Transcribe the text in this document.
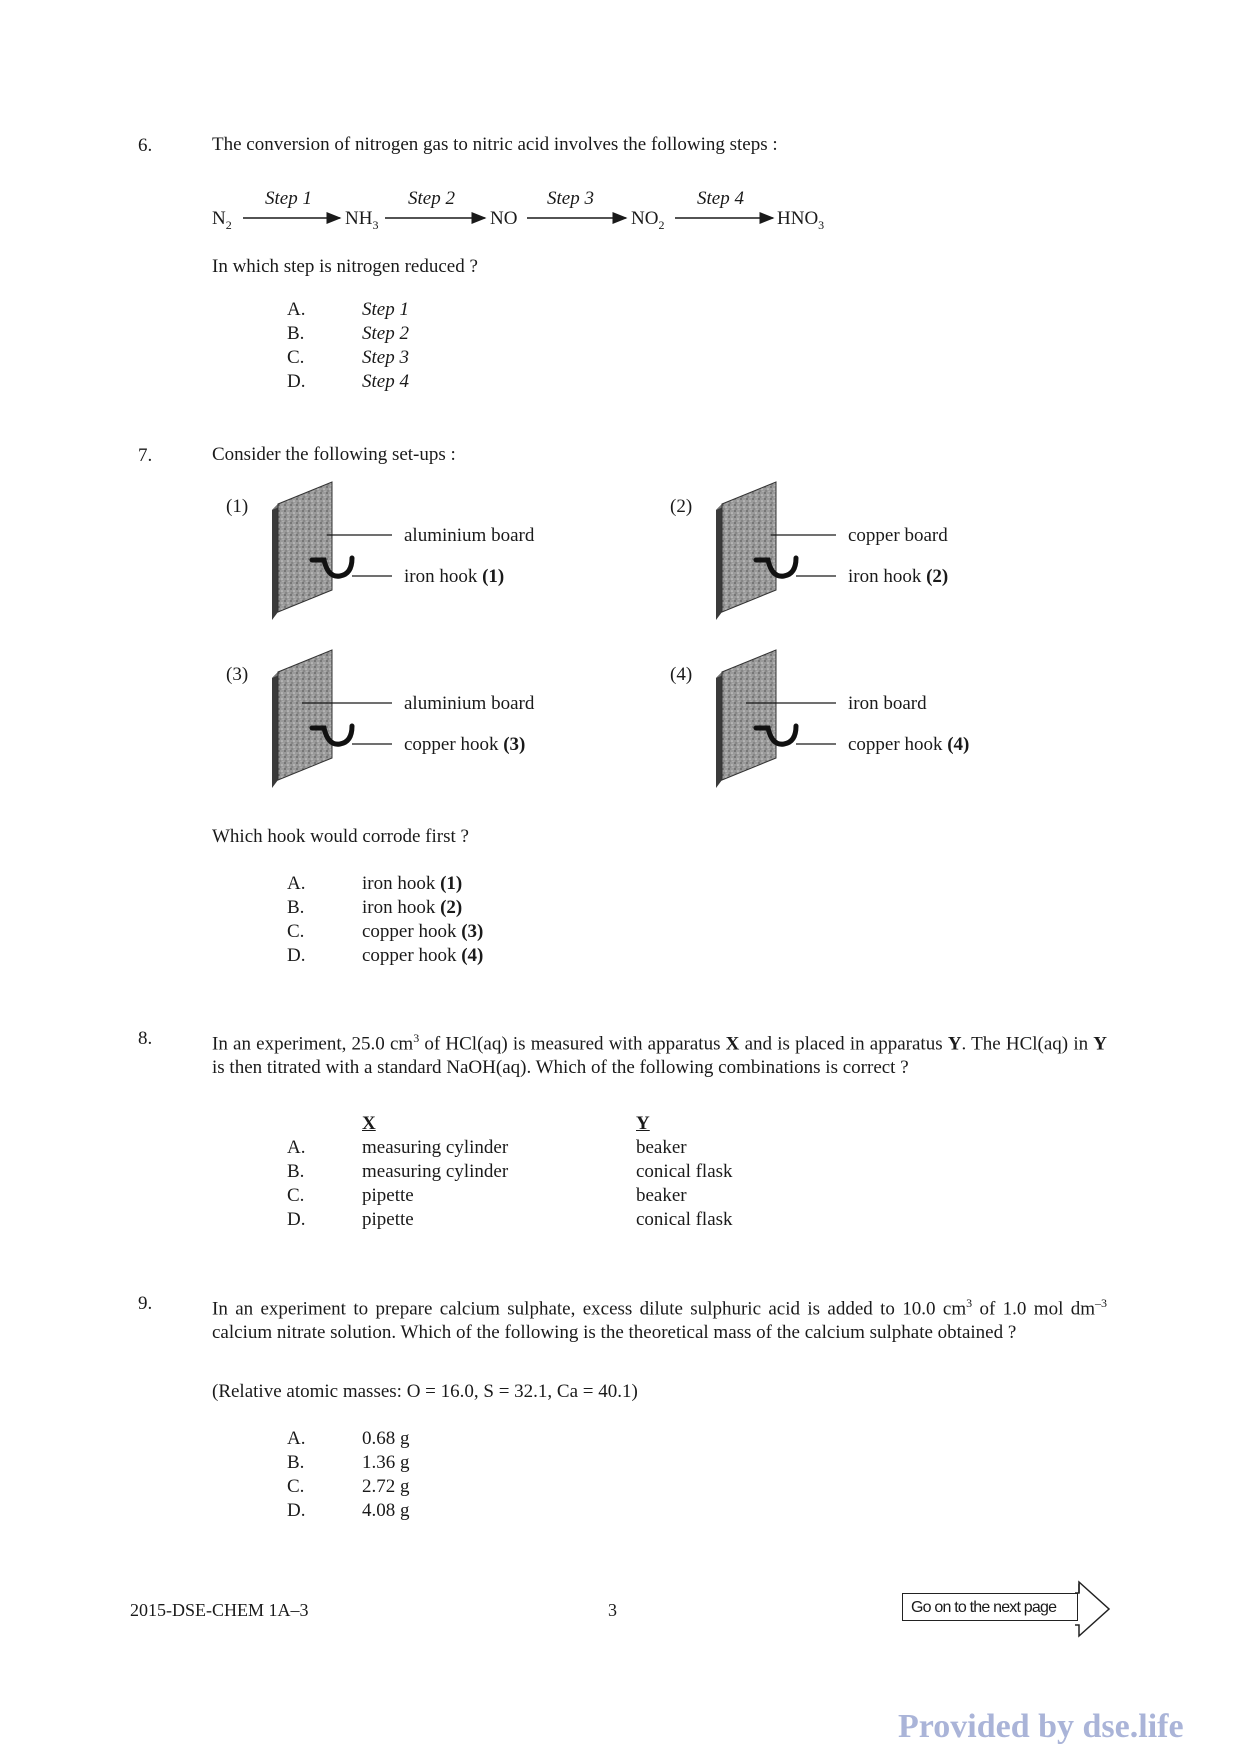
6.	The conversion of nitrogen gas to nitric acid involves the following steps :
$N_2$	$NH_3$	NO	$NO_2$	$HNO_3$
Step 1	Step 2	Step 3	Step 4
In which step is nitrogen reduced ?
A.	Step 1
B.	Step 2
C.	Step 3
D.	Step 4
7.	Consider the following set-ups :
(1)
aluminium board
iron hook (1)
(2)
copper board
iron hook (2)
(3)
aluminium board
copper hook (3)
(4)
iron board
copper hook (4)
Which hook would corrode first ?
A.	iron hook (1)
B.	iron hook (2)
C.	copper hook (3)
D.	copper hook (4)
8.	In an experiment, 25.0 $cm^3$ of HCl(aq) is measured with apparatus X and is placed in apparatus Y. The HCl(aq) in Y is then titrated with a standard NaOH(aq). Which of the following combinations is correct ?
X	Y
A.	measuring cylinder	beaker
B.	measuring cylinder	conical flask
C.	pipette	beaker
D.	pipette	conical flask
9.	In an experiment to prepare calcium sulphate, excess dilute sulphuric acid is added to 10.0 $cm^3$ of 1.0 mol $dm^{-3}$ calcium nitrate solution. Which of the following is the theoretical mass of the calcium sulphate obtained ?
(Relative atomic masses: O = 16.0, S = 32.1, Ca = 40.1)
A.	0.68 g
B.	1.36 g
C.	2.72 g
D.	4.08 g
2015-DSE-CHEM 1A–3	3	Go on to the next page
Provided by dse.life
